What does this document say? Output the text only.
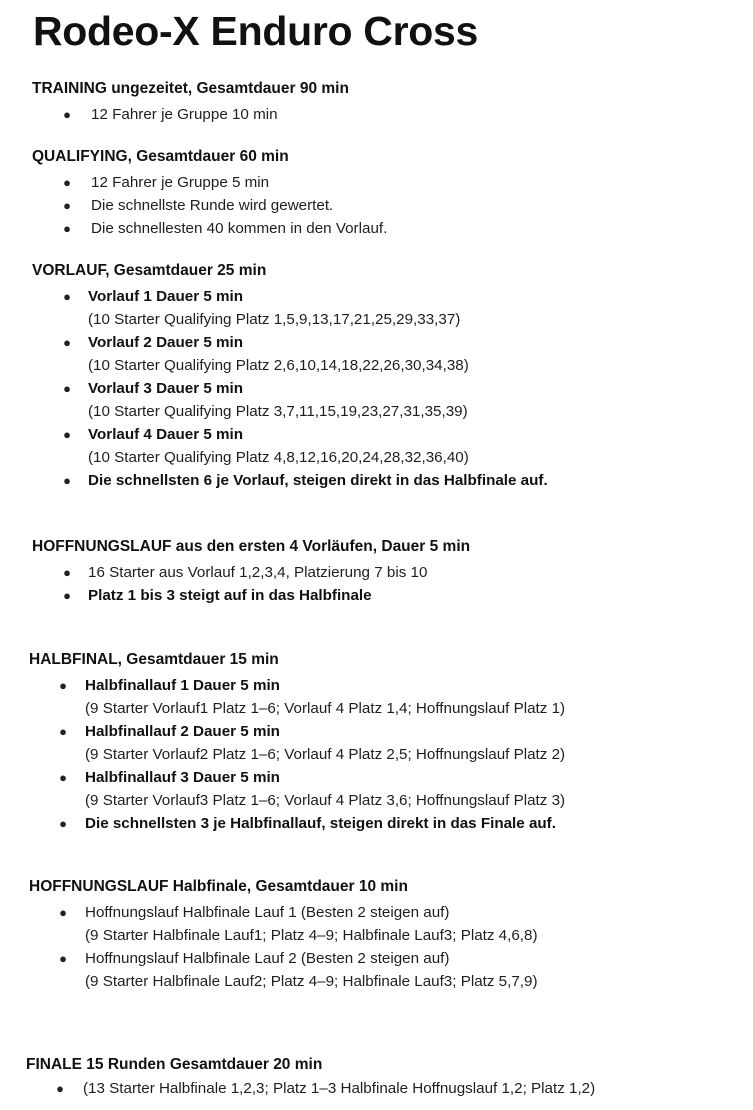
Rodeo-X Enduro Cross
TRAINING ungezeitet, Gesamtdauer 90 min
●	12 Fahrer je Gruppe 10 min
QUALIFYING, Gesamtdauer 60 min
●	12 Fahrer je Gruppe 5 min
●	Die schnellste Runde wird gewertet.
●	Die schnellesten 40 kommen in den Vorlauf.
VORLAUF, Gesamtdauer 25 min
●	Vorlauf 1 Dauer 5 min
(10 Starter Qualifying Platz 1,5,9,13,17,21,25,29,33,37)
●	Vorlauf 2 Dauer 5 min
(10 Starter Qualifying Platz 2,6,10,14,18,22,26,30,34,38)
●	Vorlauf 3 Dauer 5 min
(10 Starter Qualifying Platz 3,7,11,15,19,23,27,31,35,39)
●	Vorlauf 4 Dauer 5 min
(10 Starter Qualifying Platz 4,8,12,16,20,24,28,32,36,40)
●	Die schnellsten 6 je Vorlauf, steigen direkt in das Halbfinale auf.
HOFFNUNGSLAUF aus den ersten 4 Vorläufen, Dauer 5 min
●	16 Starter aus Vorlauf 1,2,3,4, Platzierung 7 bis 10
●	Platz 1 bis 3 steigt auf in das Halbfinale
HALBFINAL, Gesamtdauer 15 min
●	Halbfinallauf 1 Dauer 5 min
(9 Starter Vorlauf1 Platz 1–6; Vorlauf 4 Platz 1,4; Hoffnungslauf Platz 1)
●	Halbfinallauf 2 Dauer 5 min
(9 Starter Vorlauf2 Platz 1–6; Vorlauf 4 Platz 2,5; Hoffnungslauf Platz 2)
●	Halbfinallauf 3 Dauer 5 min
(9 Starter Vorlauf3 Platz 1–6; Vorlauf 4 Platz 3,6; Hoffnungslauf Platz 3)
●	Die schnellsten 3 je Halbfinallauf, steigen direkt in das Finale auf.
HOFFNUNGSLAUF Halbfinale, Gesamtdauer 10 min
●	Hoffnungslauf Halbfinale Lauf 1 (Besten 2 steigen auf)
(9 Starter Halbfinale Lauf1; Platz 4–9; Halbfinale Lauf3; Platz 4,6,8)
●	Hoffnungslauf Halbfinale Lauf 2 (Besten 2 steigen auf)
(9 Starter Halbfinale Lauf2; Platz 4–9; Halbfinale Lauf3; Platz 5,7,9)
FINALE 15 Runden Gesamtdauer 20 min
●	(13 Starter Halbfinale 1,2,3; Platz 1–3 Halbfinale Hoffnugslauf 1,2; Platz 1,2)
